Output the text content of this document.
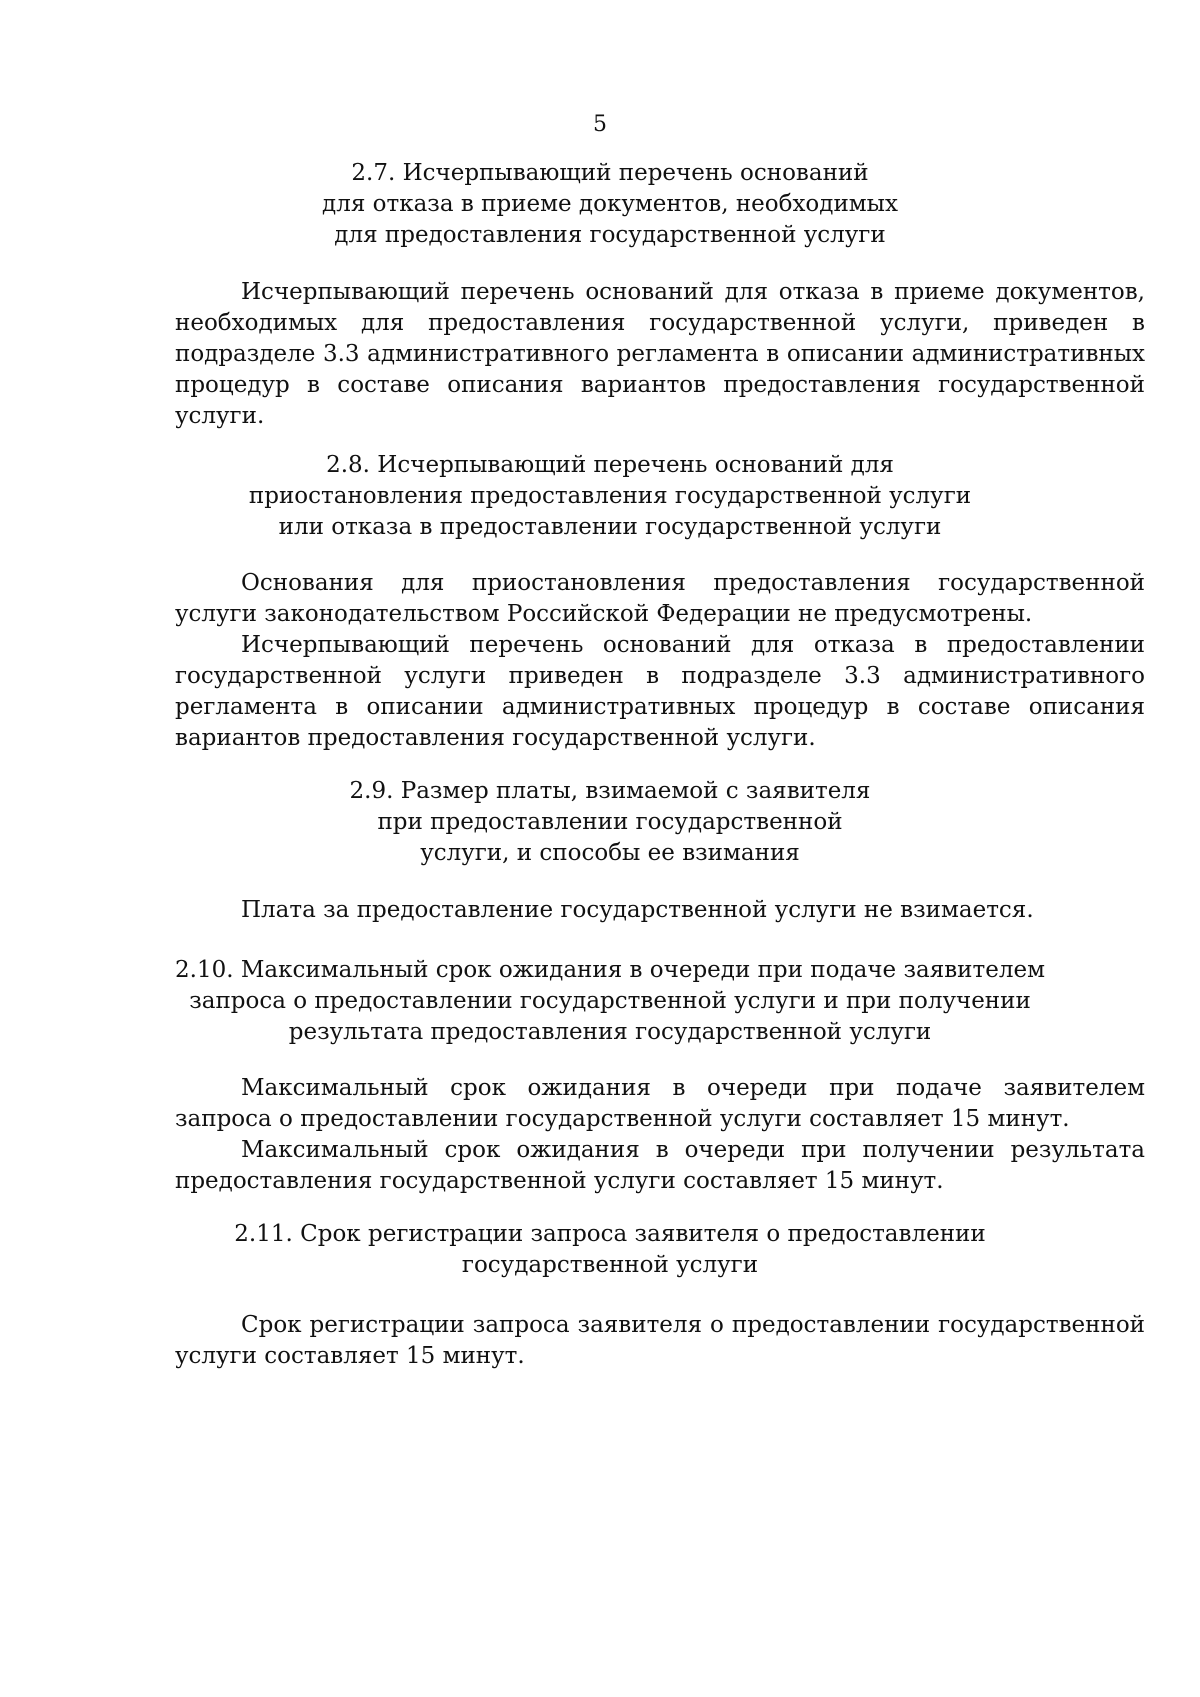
5
2.7. Исчерпывающий перечень оснований
для отказа в приеме документов, необходимых
для предоставления государственной услуги

Исчерпывающий перечень оснований для отказа в приеме документов, необходимых для предоставления государственной услуги, приведен в подразделе 3.3 административного регламента в описании административных процедур в составе описания вариантов предоставления государственной услуги.

2.8. Исчерпывающий перечень оснований для
приостановления предоставления государственной услуги
или отказа в предоставлении государственной услуги

Основания для приостановления предоставления государственной услуги законодательством Российской Федерации не предусмотрены.

Исчерпывающий перечень оснований для отказа в предоставлении государственной услуги приведен в подразделе 3.3 административного регламента в описании административных процедур в составе описания вариантов предоставления государственной услуги.

2.9. Размер платы, взимаемой с заявителя
при предоставлении государственной
услуги, и способы ее взимания

Плата за предоставление государственной услуги не взимается.

2.10. Максимальный срок ожидания в очереди при подаче заявителем
запроса о предоставлении государственной услуги и при получении
результата предоставления государственной услуги

Максимальный срок ожидания в очереди при подаче заявителем запроса о предоставлении государственной услуги составляет 15 минут.

Максимальный срок ожидания в очереди при получении результата предоставления государственной услуги составляет 15 минут.

2.11. Срок регистрации запроса заявителя о предоставлении
государственной услуги

Срок регистрации запроса заявителя о предоставлении государственной услуги составляет 15 минут.
